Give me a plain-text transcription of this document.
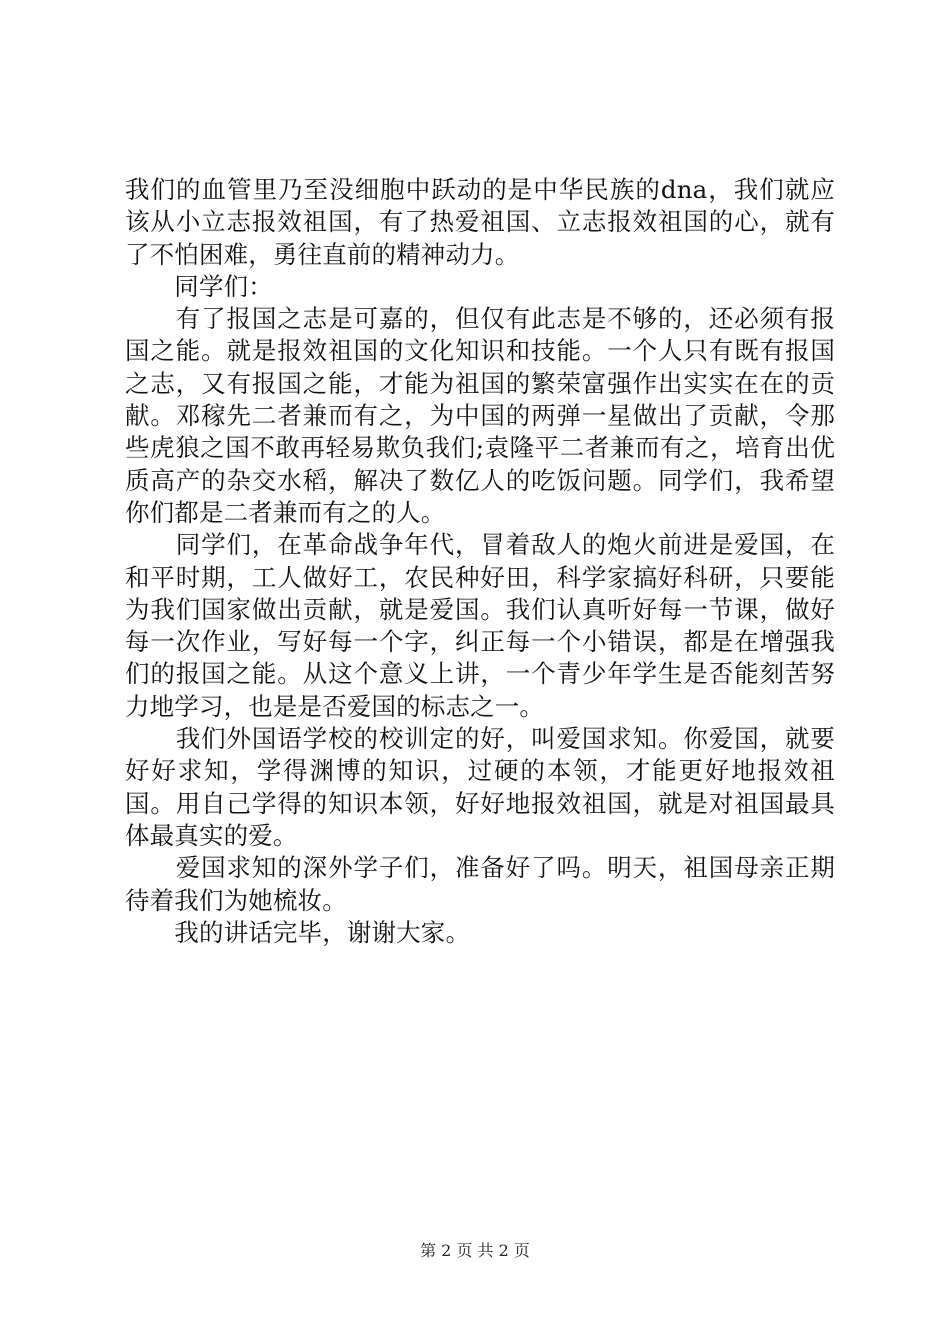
我们的血管里乃至没细胞中跃动的是中华民族的dna，我们就应该从小立志报效祖国，有了热爱祖国、立志报效祖国的心，就有了不怕困难，勇往直前的精神动力。

　　同学们：

　　有了报国之志是可嘉的，但仅有此志是不够的，还必须有报国之能。就是报效祖国的文化知识和技能。一个人只有既有报国之志，又有报国之能，才能为祖国的繁荣富强作出实实在在的贡献。邓稼先二者兼而有之，为中国的两弹一星做出了贡献，令那些虎狼之国不敢再轻易欺负我们;袁隆平二者兼而有之，培育出优质高产的杂交水稻，解决了数亿人的吃饭问题。同学们，我希望你们都是二者兼而有之的人。

　　同学们，在革命战争年代，冒着敌人的炮火前进是爱国，在和平时期，工人做好工，农民种好田，科学家搞好科研，只要能为我们国家做出贡献，就是爱国。我们认真听好每一节课，做好每一次作业，写好每一个字，纠正每一个小错误，都是在增强我们的报国之能。从这个意义上讲，一个青少年学生是否能刻苦努力地学习，也是是否爱国的标志之一。

　　我们外国语学校的校训定的好，叫爱国求知。你爱国，就要好好求知，学得渊博的知识，过硬的本领，才能更好地报效祖国。用自己学得的知识本领，好好地报效祖国，就是对祖国最具体最真实的爱。

　　爱国求知的深外学子们，准备好了吗。明天，祖国母亲正期待着我们为她梳妆。

　　我的讲话完毕，谢谢大家。

第 2 页 共 2 页
